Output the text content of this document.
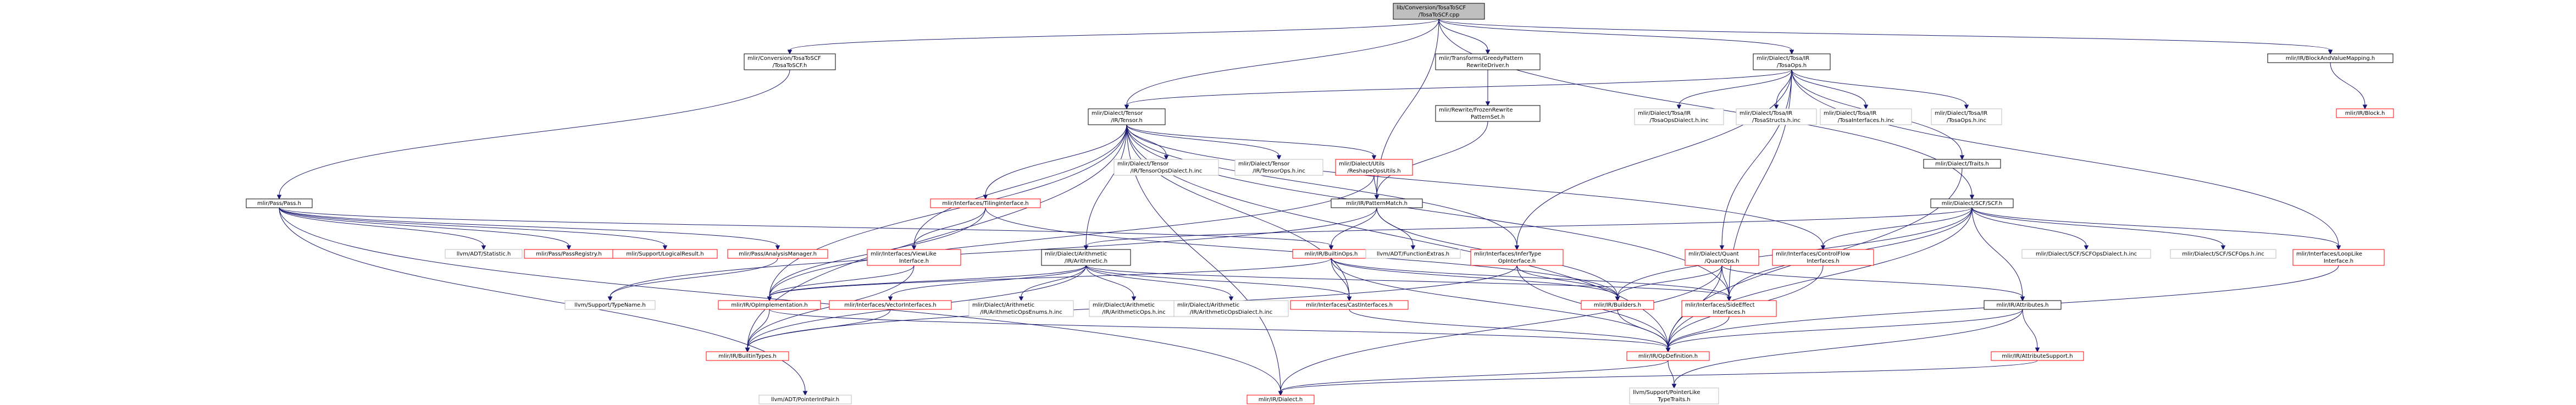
lib/Conversion/TosaToSCF
/TosaToSCF.cpp
mlir/Conversion/TosaToSCF
/TosaToSCF.h
mlir/Transforms/GreedyPattern
RewriteDriver.h
mlir/Dialect/Tosa/IR
/TosaOps.h
mlir/IR/BlockAndValueMapping.h
mlir/Dialect/Tensor
/IR/Tensor.h
mlir/Rewrite/FrozenRewrite
PatternSet.h
mlir/Dialect/Tosa/IR
/TosaOpsDialect.h.inc
mlir/Dialect/Tosa/IR
/TosaStructs.h.inc
mlir/Dialect/Tosa/IR
/TosaInterfaces.h.inc
mlir/Dialect/Tosa/IR
/TosaOps.h.inc
mlir/IR/Block.h
mlir/Pass/Pass.h
mlir/Dialect/Tensor
/IR/TensorOpsDialect.h.inc
mlir/Dialect/Tensor
/IR/TensorOps.h.inc
mlir/Dialect/Utils
/ReshapeOpsUtils.h
mlir/Interfaces/TilingInterface.h	mlir/IR/PatternMatch.h
mlir/Dialect/Traits.h
mlir/Dialect/SCF/SCF.h
llvm/ADT/Statistic.h	mlir/Pass/PassRegistry.h	mlir/Support/LogicalResult.h	mlir/Pass/AnalysisManager.h	mlir/Interfaces/ViewLike
Interface.h
mlir/Dialect/Arithmetic
/IR/Arithmetic.h
mlir/IR/BuiltinOps.h	llvm/ADT/FunctionExtras.h	mlir/Interfaces/InferType
OpInterface.h
mlir/Dialect/Quant
/QuantOps.h
mlir/Interfaces/ControlFlow
Interfaces.h
mlir/Dialect/SCF/SCFOpsDialect.h.inc	mlir/Dialect/SCF/SCFOps.h.inc	mlir/Interfaces/LoopLike
Interface.h
llvm/Support/TypeName.h	mlir/IR/OpImplementation.h	mlir/Interfaces/VectorInterfaces.h	mlir/Dialect/Arithmetic
/IR/ArithmeticOpsEnums.h.inc
mlir/Dialect/Arithmetic
/IR/ArithmeticOps.h.inc
mlir/Dialect/Arithmetic
/IR/ArithmeticOpsDialect.h.inc
mlir/Interfaces/CastInterfaces.h	mlir/IR/Builders.h	mlir/Interfaces/SideEffect
Interfaces.h
mlir/IR/Attributes.h
mlir/IR/BuiltinTypes.h	mlir/IR/OpDefinition.h	mlir/IR/AttributeSupport.h
llvm/ADT/PointerIntPair.h	mlir/IR/Dialect.h
llvm/Support/PointerLike
TypeTraits.h
